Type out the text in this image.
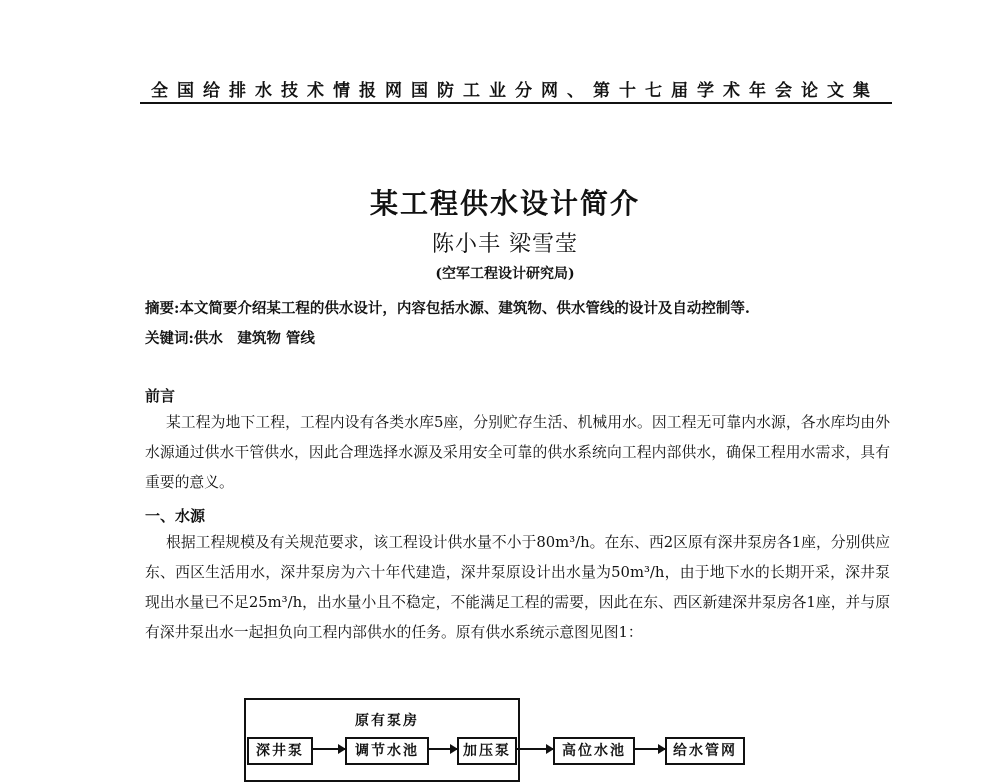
全国给排水技术情报网国防工业分网、第十七届学术年会论文集
某工程供水设计简介
陈小丰 梁雪莹
(空军工程设计研究局)
摘要:本文简要介绍某工程的供水设计，内容包括水源、建筑物、供水管线的设计及自动控制等.
关键词:供水　建筑物 管线
前言
某工程为地下工程，工程内设有各类水库5座，分别贮存生活、机械用水。因工程无可靠内水源，各水库均由外水源通过供水干管供水，因此合理选择水源及采用安全可靠的供水系统向工程内部供水，确保工程用水需求，具有重要的意义。
一、水源
根据工程规模及有关规范要求，该工程设计供水量不小于80m³/h。在东、西2区原有深井泵房各1座，分别供应东、西区生活用水，深井泵房为六十年代建造，深井泵原设计出水量为50m³/h，由于地下水的长期开采，深井泵现出水量已不足25m³/h，出水量小且不稳定，不能满足工程的需要，因此在东、西区新建深井泵房各1座，并与原有深井泵出水一起担负向工程内部供水的任务。原有供水系统示意图见图1：
原有泵房
深井泵	调节水池	加压泵	高位水池	给水管网
